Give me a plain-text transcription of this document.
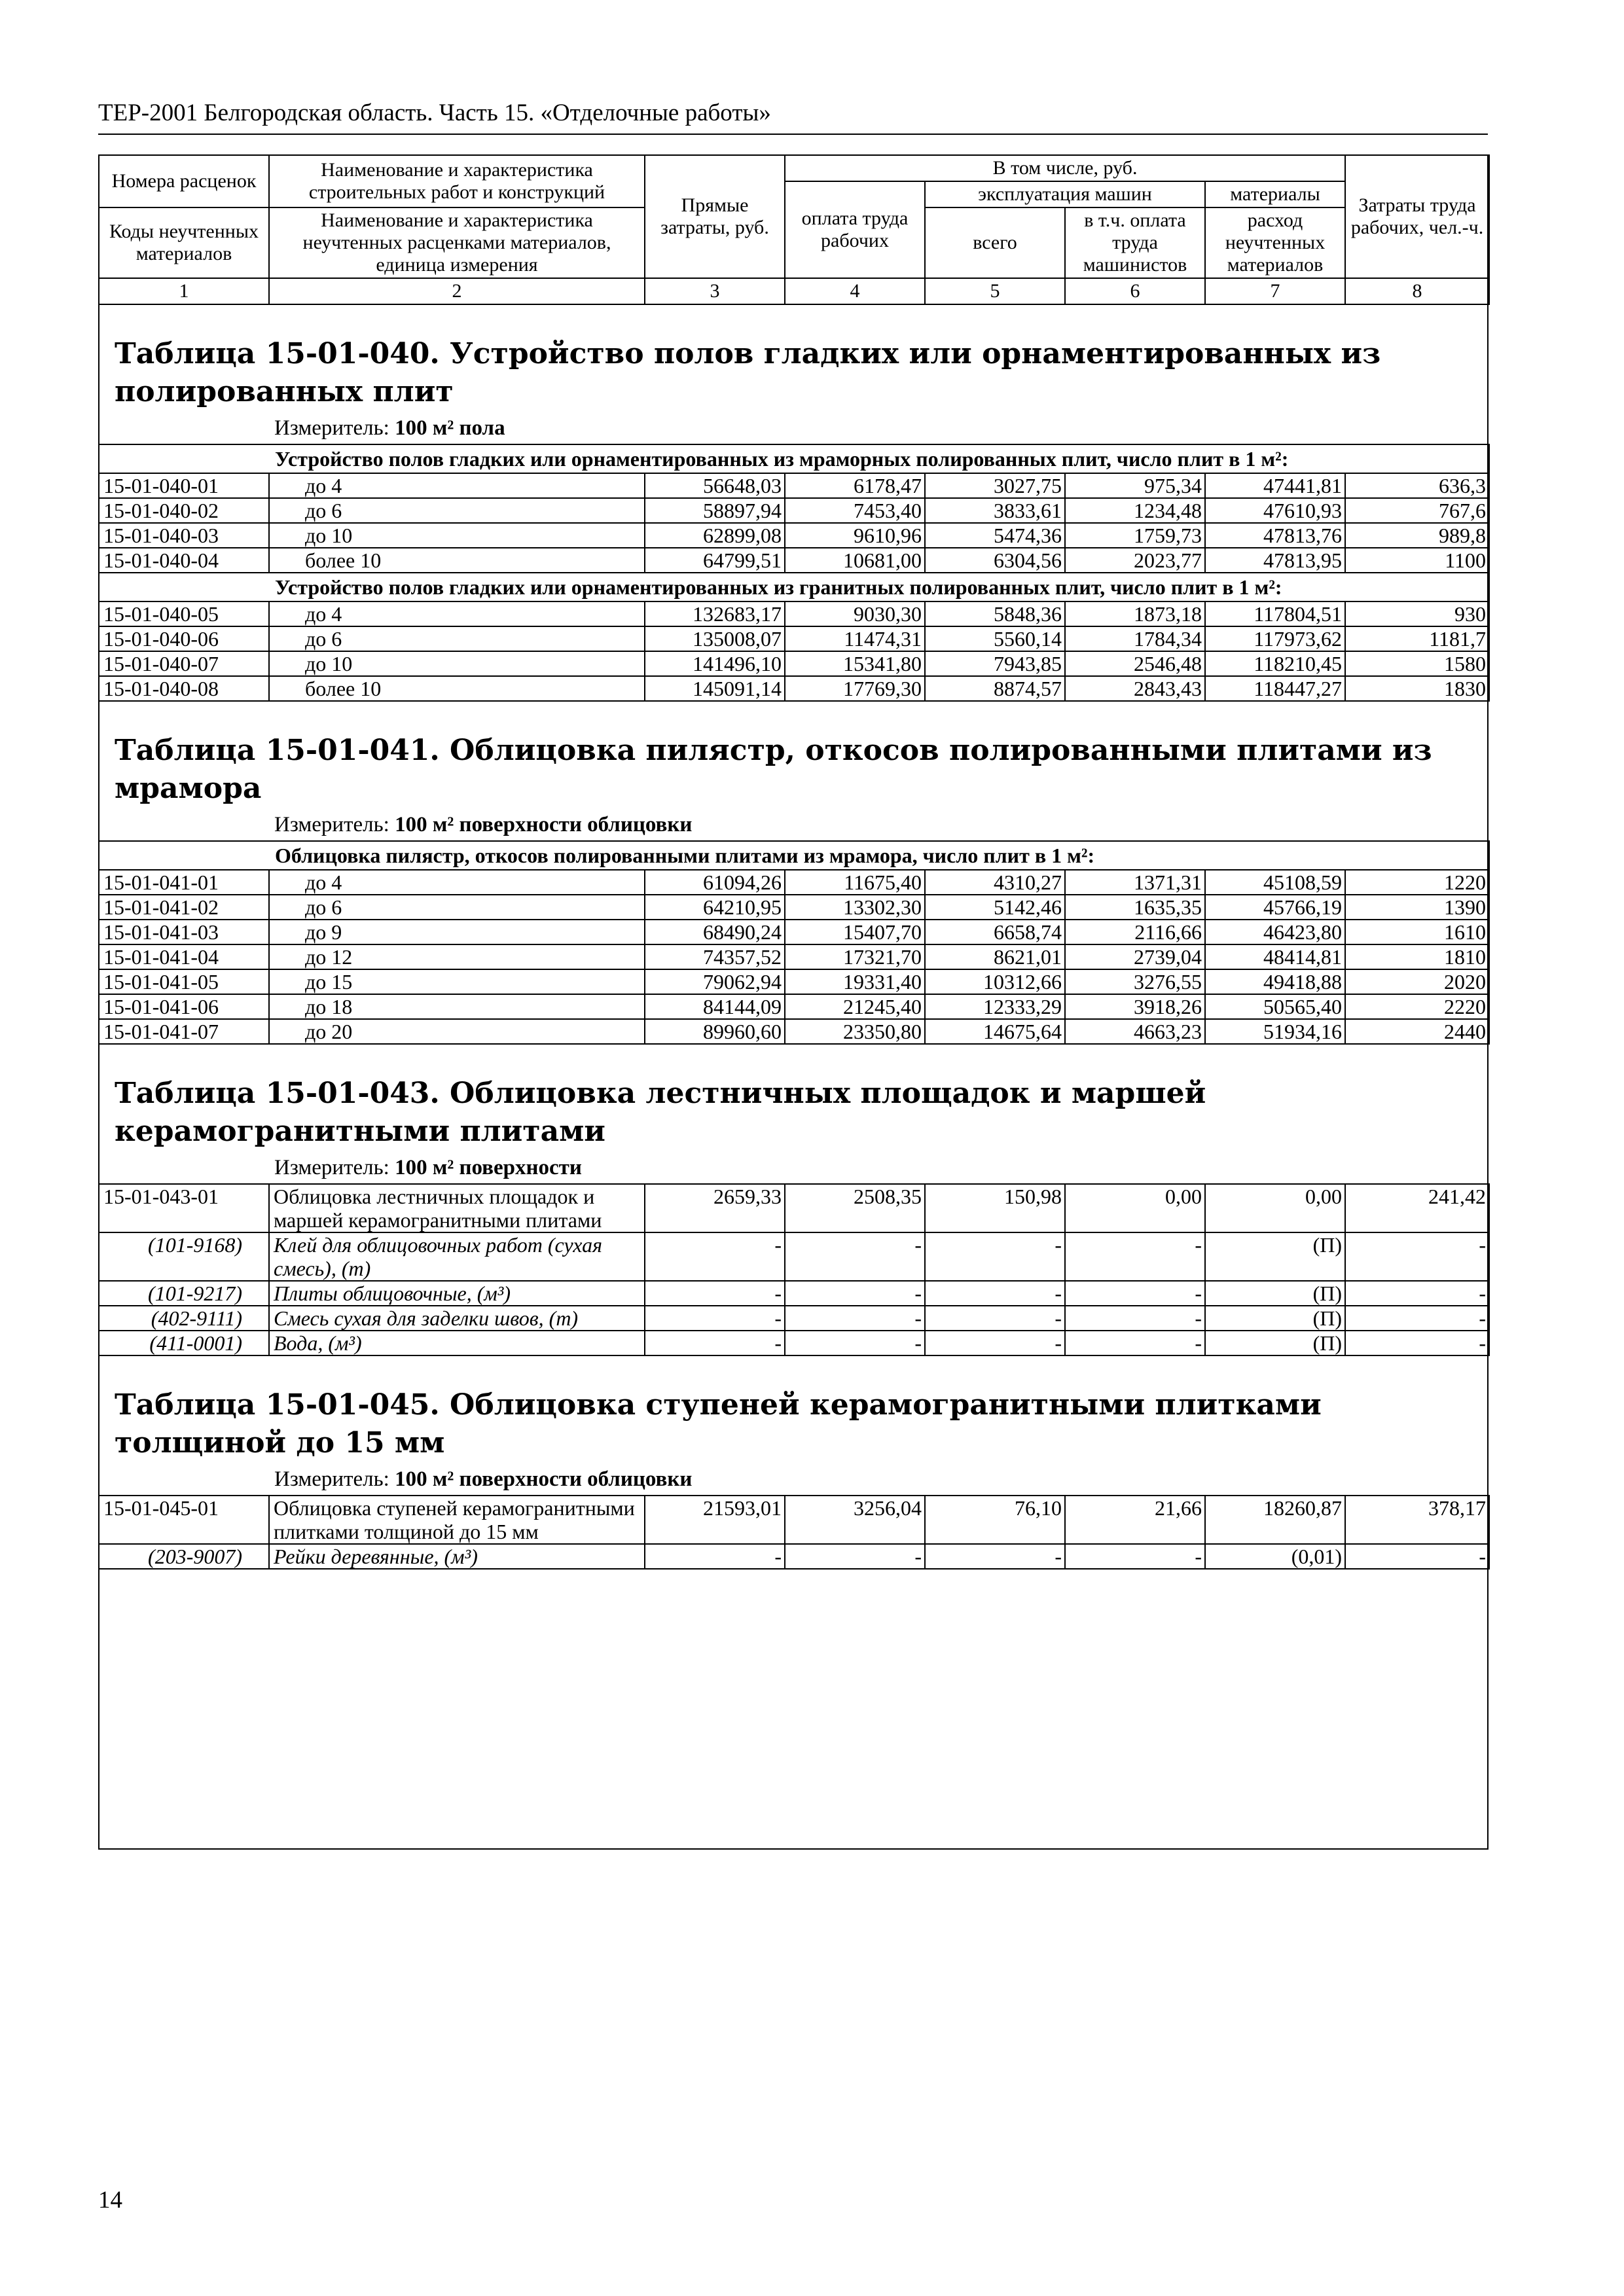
ТЕР-2001 Белгородская область. Часть 15. «Отделочные работы»
Номера расценок	Наименование и характеристика строительных работ и конструкций	Прямые затраты, руб.	В том числе, руб.				Затраты труда рабочих, чел.-ч.
			оплата труда рабочих	эксплуатация машин		материалы	
Коды неучтенных материалов	Наименование и характеристика неучтенных расценками материалов, единица измерения			всего	в т.ч. оплата труда машинистов	расход неучтенных материалов	

1	2	3	4	5	6	7	8
Таблица 15-01-040. Устройство полов гладких или орнаментированных из полированных плит							
Измеритель: 100 м² пола							
Устройство полов гладких или орнаментированных из мраморных полированных плит, число плит в 1 м²:							
15-01-040-01	до 4	56648,03	6178,47	3027,75	975,34	47441,81	636,3
15-01-040-02	до 6	58897,94	7453,40	3833,61	1234,48	47610,93	767,6
15-01-040-03	до 10	62899,08	9610,96	5474,36	1759,73	47813,76	989,8
15-01-040-04	более 10	64799,51	10681,00	6304,56	2023,77	47813,95	1100
Устройство полов гладких или орнаментированных из гранитных полированных плит, число плит в 1 м²:							
15-01-040-05	до 4	132683,17	9030,30	5848,36	1873,18	117804,51	930
15-01-040-06	до 6	135008,07	11474,31	5560,14	1784,34	117973,62	1181,7
15-01-040-07	до 10	141496,10	15341,80	7943,85	2546,48	118210,45	1580
15-01-040-08	более 10	145091,14	17769,30	8874,57	2843,43	118447,27	1830
Таблица 15-01-041. Облицовка пилястр, откосов полированными плитами из мрамора							
Измеритель: 100 м² поверхности облицовки							
Облицовка пилястр, откосов полированными плитами из мрамора, число плит в 1 м²:							
15-01-041-01	до 4	61094,26	11675,40	4310,27	1371,31	45108,59	1220
15-01-041-02	до 6	64210,95	13302,30	5142,46	1635,35	45766,19	1390
15-01-041-03	до 9	68490,24	15407,70	6658,74	2116,66	46423,80	1610
15-01-041-04	до 12	74357,52	17321,70	8621,01	2739,04	48414,81	1810
15-01-041-05	до 15	79062,94	19331,40	10312,66	3276,55	49418,88	2020
15-01-041-06	до 18	84144,09	21245,40	12333,29	3918,26	50565,40	2220
15-01-041-07	до 20	89960,60	23350,80	14675,64	4663,23	51934,16	2440
Таблица 15-01-043. Облицовка лестничных площадок и маршей керамогранитными плитами							
Измеритель: 100 м² поверхности							
15-01-043-01	Облицовка лестничных площадок и маршей керамогранитными плитами	2659,33	2508,35	150,98	0,00	0,00	241,42
(101-9168)	Клей для облицовочных работ (сухая смесь), (т)	-	-	-	-	(П)	-
(101-9217)	Плиты облицовочные, (м³)	-	-	-	-	(П)	-
(402-9111)	Смесь сухая для заделки швов, (т)	-	-	-	-	(П)	-
(411-0001)	Вода, (м³)	-	-	-	-	(П)	-
Таблица 15-01-045. Облицовка ступеней керамогранитными плитками толщиной до 15 мм							
Измеритель: 100 м² поверхности облицовки							
15-01-045-01	Облицовка ступеней керамогранитными плитками толщиной до 15 мм	21593,01	3256,04	76,10	21,66	18260,87	378,17
(203-9007)	Рейки деревянные, (м³)	-	-	-	-	(0,01)	-
14
